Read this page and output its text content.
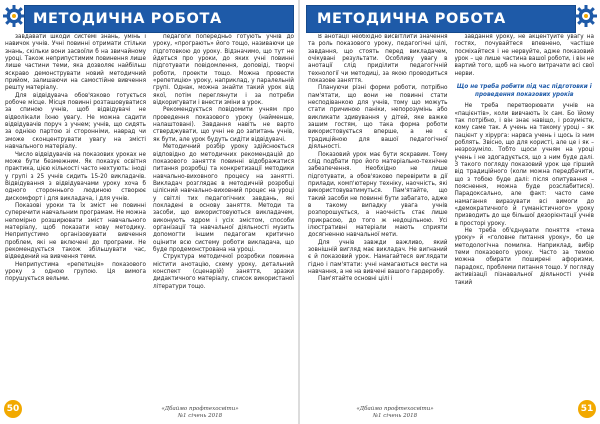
МЕТОДИЧНА РОБОТА

завдавати шкоди системі знань, умінь і навичок учнів. Учні повинні отримати стільки знань, скільки вони засвоїли б на звичайному уроці. Також неприпустимим повинення лише лише частини теми, яка дозволяє найбільш яскраво демонструвати новий методичний прийом, залишаючи на самостійне вивчення решту матеріалу.

Для відвідувача обов'язково готується робоче місце. Місця повинні розташовуватися за спиною учнів, щоб відвідувачі не відволікали їхню увагу. Не можна садити відвідувачів поруч з учнем; учнів, що сидять за однією партою зі сторонніми, наврад чи зможе сконцентрувати увагу на змісті навчального матеріалу.

Число відвідувачів на показових уроках не може бути безмежним. Як показує освітня практика, цією кількості часто нехтують: іноді у групі з 25 учнів сидить 15-20 викладачів. Відвідування з відвідувачами уроку хоча б одного стороннього людиною створює дискомфорт і для викладача, і для учнів.

Показові уроки та їх зміст не повинні суперечити навчальним програмам. Не можна непомірно розширювати зміст навчального матеріалу, щоб показати нову методику. Неприпустимо організовувати вивчення проблем, які не включені до програми. Не рекомендується також збільшувати час, відведений на вивчення теми.

Неприпустима «репетиція» показового уроку з одною групою. Ця вимога порушується вельми.

педагоги попередньо готують учнів до уроку, «програють» його тощо, називаючи це підготовкою до уроку. Відзначимо, що тут не йдеться про уроки, до яких учні повинні підготувати повідомлення, доповіді, творчі роботи, проекти тощо. Можна провести «репетицію» уроку, наприклад, у паралельній групі. Однак, можна знайти такий урок від якої, потім переглянути і за потреби відкоригувати і внести зміни в урок.

Рекомендується повідомити учням про проведення показового уроку (найменше, налаштовані). Завдання навіть не варто стверджувати, що учні не до запитань учнів, як бути, але урок будуть сидіти відвідувачі.

Методичний розбір уроку здійснюється відповідно до методичних рекомендацій до показового заняття повинні відображатися питання розробці та конкретизації методики навчально-виховного процесу на занятті. Викладач розглядає в методичній розробці цілісний навчально-виховний процес на уроці у світлі тих педагогічних завдань, які покладені в основу заняття. Методи та засоби, що використовуються викладачем, виконують ядром і усіх змістом, способи організації та навчальної діяльності музить допомогти іншим педагогам критично оцінити всю систему роботи викладача, що буде продемонстрована на уроці.

Структура методичної розробки повинна містити анотацію, схему уроку, детальний конспект (сценарій) заняття, зразки дидактичного матеріалу, список використаної літератури тощо.

50	«Дбаймо профтехосвіти»
№1 січень 2018
МЕТОДИЧНА РОБОТА

В анотації необхідно висвітлити значення та роль показового уроку, педагогічні цілі, завдання, що стоять перед викладачем, очікувані результати. Особливу увагу в анотації слід приділити педагогічній технології чи методиці, за якою проводиться показове заняття.

Плануючи різні форми роботи, потрібно пам'ятати, що вони не повинні стати несподіванкою для учнів, тому що можуть стати причиною паніки, непорозумінь або викликати здивування у дітей, яке важке зашим гостям, що така форма роботи використовується вперше, а не є традиційною для вашої педагогічної діяльності.

Показовий урок має бути яскравим. Тому слід подбати про його матеріально-технічне забезпечення. Необхідно не лише підготувати, а обов'язково перевірити в дії прилади, комп'ютерну техніку, наочність, які використовуватимуться. Пам'ятайте, що такий засоби не повинні бути забагато, адже в такому випадку увага учнів розпорошується, а наочність стає лише прикрасою, до того ж недоцільною. Усі ілюстративні матеріали мають сприяти досягненню навчальної мети.

Для учнів завжди важливо, який зовнішній вигляд має викладач. Не вигнаний є й показовий урок. Намагайтеся виглядати гідно і пам'ятати: учні намагаються вести на навчання, а не на вивчені вашого гардеробу.

Пам'ятайте основні цілі і

завдання уроку, не акцентуйте увагу на гостях, почувайтеся впевнено, частіше посміхайтеся і не нервуйте, адже показовий урок – це лише частина вашої роботи, і він не вартий того, щоб на нього витрачати всі свої нерви.

Що не треба робити під час підготовки і проведення показових уроків

Не треба перетворювати учнів на «пацієнтів», коли вивчають їх сам. Бо їйому так потрібно, і він знає навіщо, і розумієте, кому саме так. А учень на такому уроці – як пацієнт у хірурга: нарвса учень і щось із ним роблять. Звісно, що для користі, але це і як – незрозуміло. Тобто щоси учням на уроці учень і не здогадується, що з ним буде далі. З такого погляду показовий урок ще гірший від традиційного (коли можна передбачити, що з тобою буде далі: після опитування – пояснення, можна буде розслабитися). Парадоксально, але факт: часто саме намагання виразувати всі вимоги до «демократичного й гуманістичного» уроку призводить до ще більшої дезорієнтації учнів в просторі уроку.

Не треба об'єднувати поняття «тема уроку» й «головне питання уроку», бо це методологічна помилка. Наприклад, вибір теми показового уроку. Часто за темою можна обирати поширені афоризми, парадокс, проблеми питання тощо. У погляду активізації пізнавальної діяльності учнів такий

«Дбаймо профтехосвіти»
№1 січень 2018
51
